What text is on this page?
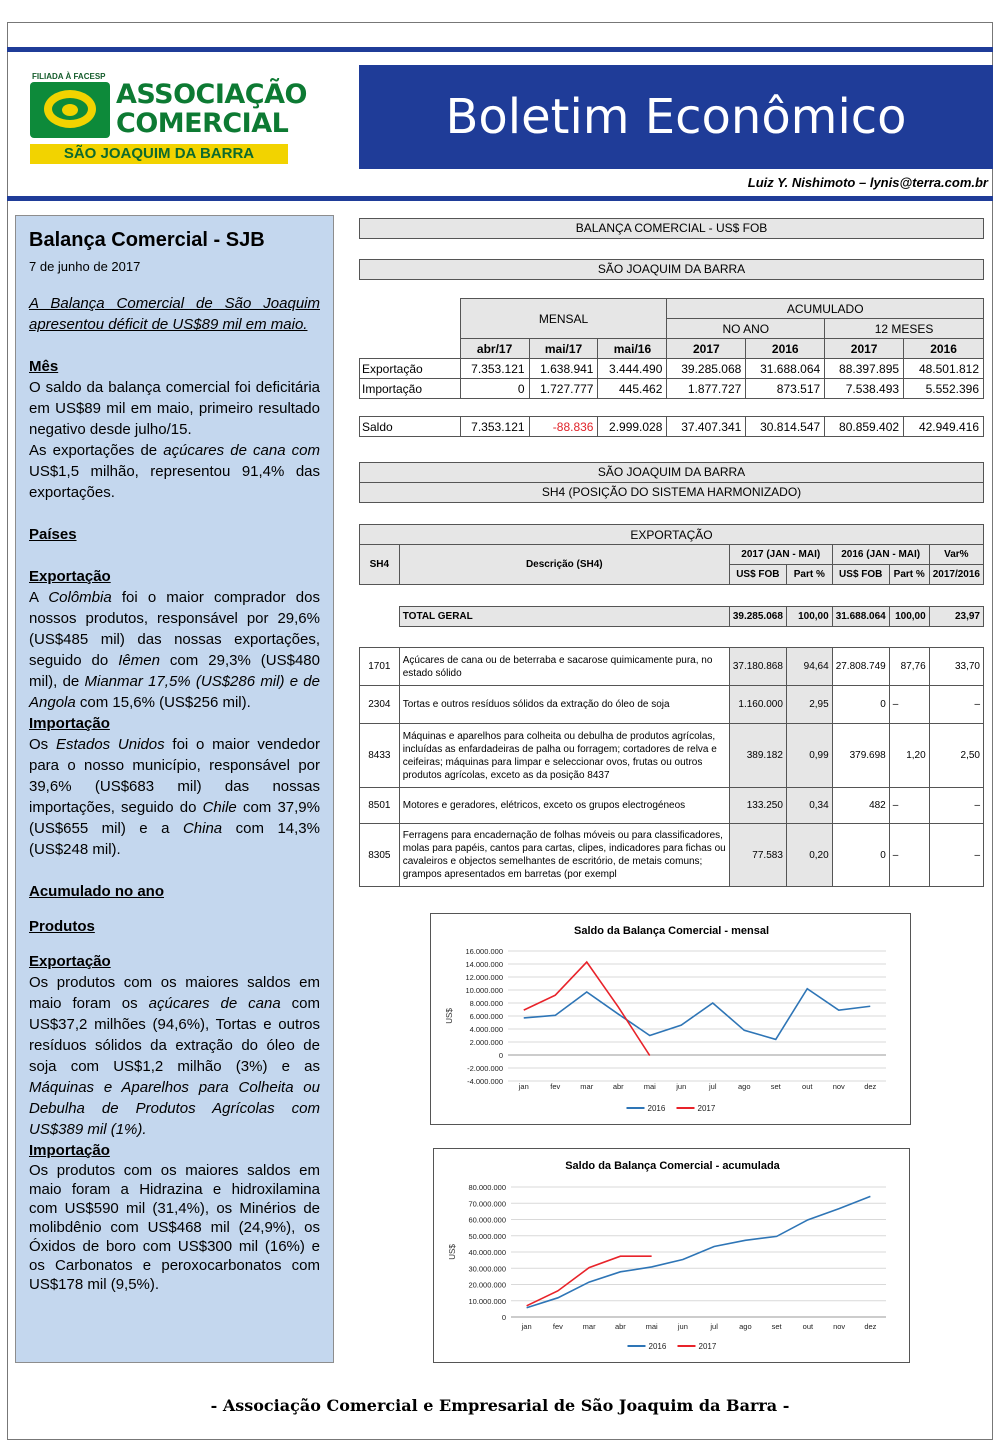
FILIADA À FACESP
ASSOCIAÇÃO
COMERCIAL
SÃO JOAQUIM DA BARRA
Boletim Econômico
Luiz Y. Nishimoto – lynis@terra.com.br
Balança Comercial - SJB
7 de junho de 2017

A Balança Comercial de São Joaquim apresentou déficit de US$89 mil em maio.

Mês

O saldo da balança comercial foi deficitária em US$89 mil em maio, primeiro resultado negativo desde julho/15.

As exportações de açúcares de cana com US$1,5 milhão, representou 91,4% das exportações.

Países
Exportação

A Colômbia foi o maior comprador dos nossos produtos, responsável por 29,6% (US$485 mil) das nossas exportações, seguido do Iêmen com 29,3% (US$480 mil), de Mianmar 17,5% (US$286 mil) e de Angola com 15,6% (US$256 mil).

Importação

Os Estados Unidos foi o maior vendedor para o nosso município, responsável por 39,6% (US$683 mil) das nossas importações, seguido do Chile com 37,9% (US$655 mil) e a China com 14,3% (US$248 mil).

Acumulado no ano
Produtos
Exportação

Os produtos com os maiores saldos em maio foram os açúcares de cana com US$37,2 milhões (94,6%), Tortas e outros resíduos sólidos da extração do óleo de soja com US$1,2 milhão (3%) e as Máquinas e Aparelhos para Colheita ou Debulha de Produtos Agrícolas com US$389 mil (1%).

Importação

Os produtos com os maiores saldos em maio foram a Hidrazina e hidroxilamina com US$590 mil (31,4%), os Minérios de molibdênio com US$468 mil (24,9%), os Óxidos de boro com US$300 mil (16%) e os Carbonatos e peroxocarbonatos com US$178 mil (9,5%).

BALANÇA COMERCIAL - US$ FOB
SÃO JOAQUIM DA BARRA
	MENSAL			ACUMULADO			
				NO ANO		12 MESES	
	abr/17	mai/17	mai/16	2017	2016	2017	2016
Exportação	7.353.121	1.638.941	3.444.490	39.285.068	31.688.064	88.397.895	48.501.812
Importação	0	1.727.777	445.462	1.877.727	873.517	7.538.493	5.552.396

Saldo	7.353.121	-88.836	2.999.028	37.407.341	30.814.547	80.859.402	42.949.416
SÃO JOAQUIM DA BARRA
SH4 (POSIÇÃO DO SISTEMA HARMONIZADO)
EXPORTAÇÃO						
SH4	Descrição (SH4)	2017 (JAN - MAI)		2016 (JAN - MAI)		Var%
		US$ FOB	Part %	US$ FOB	Part %	2017/2016

	TOTAL GERAL	39.285.068	100,00	31.688.064	100,00	23,97

1701	Açúcares de cana ou de beterraba e sacarose quimicamente pura, no estado sólido	37.180.868	94,64	27.808.749	87,76	33,70
2304	Tortas e outros resíduos sólidos da extração do óleo de soja	1.160.000	2,95	0	–	–
8433	Máquinas e aparelhos para colheita ou debulha de produtos agrícolas, incluídas as enfardadeiras de palha ou forragem; cortadores de relva e ceifeiras; máquinas para limpar e seleccionar ovos, frutas ou outros produtos agrícolas, exceto as da posição 8437	389.182	0,99	379.698	1,20	2,50
8501	Motores e geradores, elétricos, exceto os grupos electrogéneos	133.250	0,34	482	–	–
8305	Ferragens para encadernação de folhas móveis ou para classificadores, molas para papéis, cantos para cartas, clipes, indicadores para fichas ou cavaleiros e objectos semelhantes de escritório, de metais comuns; grampos apresentados em barretas (por exempl	77.583	0,20	0	–	–
Saldo da Balança Comercial - mensal
US$
16.000.000
14.000.000
12.000.000
10.000.000
8.000.000
6.000.000
4.000.000
2.000.000
0
-2.000.000
-4.000.000
jan	fev	mar	abr	mai	jun	jul	ago	set	out	nov	dez
2016	2017
Saldo da Balança Comercial - acumulada
US$
80.000.000
70.000.000
60.000.000
50.000.000
40.000.000
30.000.000
20.000.000
10.000.000
0
jan	fev	mar	abr	mai	jun	jul	ago	set	out	nov	dez
2016	2017
- Associação Comercial e Empresarial de São Joaquim da Barra -
